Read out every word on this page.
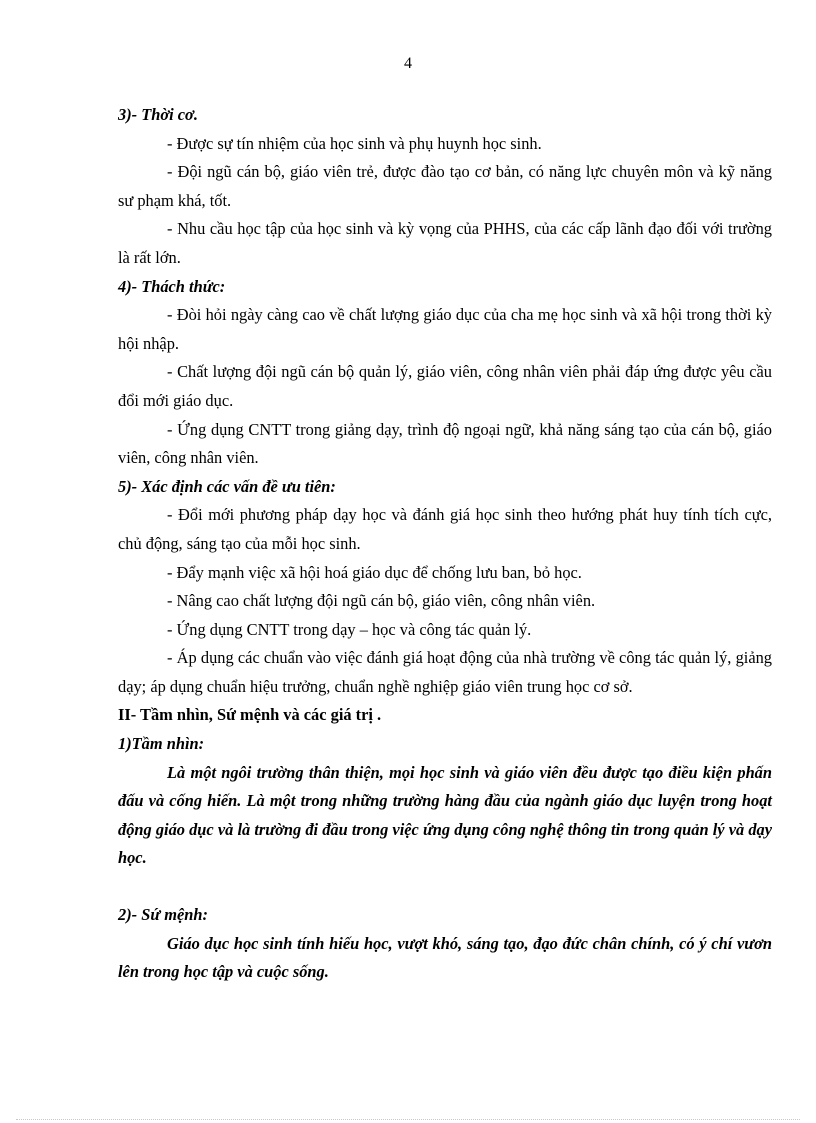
4

3)- Thời cơ.

- Được sự tín nhiệm của học sinh và phụ huynh học sinh.

- Đội ngũ cán bộ, giáo viên trẻ, được đào tạo cơ bản, có năng lực chuyên môn và kỹ năng sư phạm khá, tốt.

- Nhu cầu học tập của học sinh và kỳ vọng của PHHS, của các cấp lãnh đạo đối với trường là rất lớn.

4)- Thách thức:

- Đòi hỏi ngày càng cao về chất lượng giáo dục của cha mẹ học sinh và xã hội trong thời kỳ hội nhập.

- Chất lượng đội ngũ cán bộ quản lý, giáo viên, công nhân viên phải đáp ứng được yêu cầu đổi mới giáo dục.

- Ứng dụng CNTT trong giảng dạy, trình độ ngoại ngữ, khả năng sáng tạo của cán bộ, giáo viên, công nhân viên.

5)- Xác định các vấn đề ưu tiên:

- Đổi mới phương pháp dạy học và đánh giá học sinh theo hướng phát huy tính tích cực, chủ động, sáng tạo của mỗi học sinh.

- Đẩy mạnh việc xã hội hoá giáo dục để chống lưu ban, bỏ học.

- Nâng cao chất lượng đội ngũ cán bộ, giáo viên, công nhân viên.

- Ứng dụng CNTT trong dạy – học và công tác quản lý.

- Áp dụng các chuẩn vào việc đánh giá hoạt động của nhà trường về công tác quản lý, giảng dạy; áp dụng chuẩn hiệu trưởng, chuẩn nghề nghiệp giáo viên trung học cơ sở.

II- Tầm nhìn, Sứ mệnh và các giá trị .

1)Tầm nhìn:

Là một ngôi trường thân thiện, mọi học sinh và giáo viên đều được tạo điều kiện phấn đấu và cống hiến. Là một trong những trường hàng đầu của ngành giáo dục luyện trong hoạt động giáo dục và là trường đi đầu trong việc ứng dụng công nghệ thông tin trong quản lý và dạy học.

2)- Sứ mệnh:

Giáo dục học sinh tính hiếu học, vượt khó, sáng tạo, đạo đức chân chính, có ý chí vươn lên trong học tập và cuộc sống.
